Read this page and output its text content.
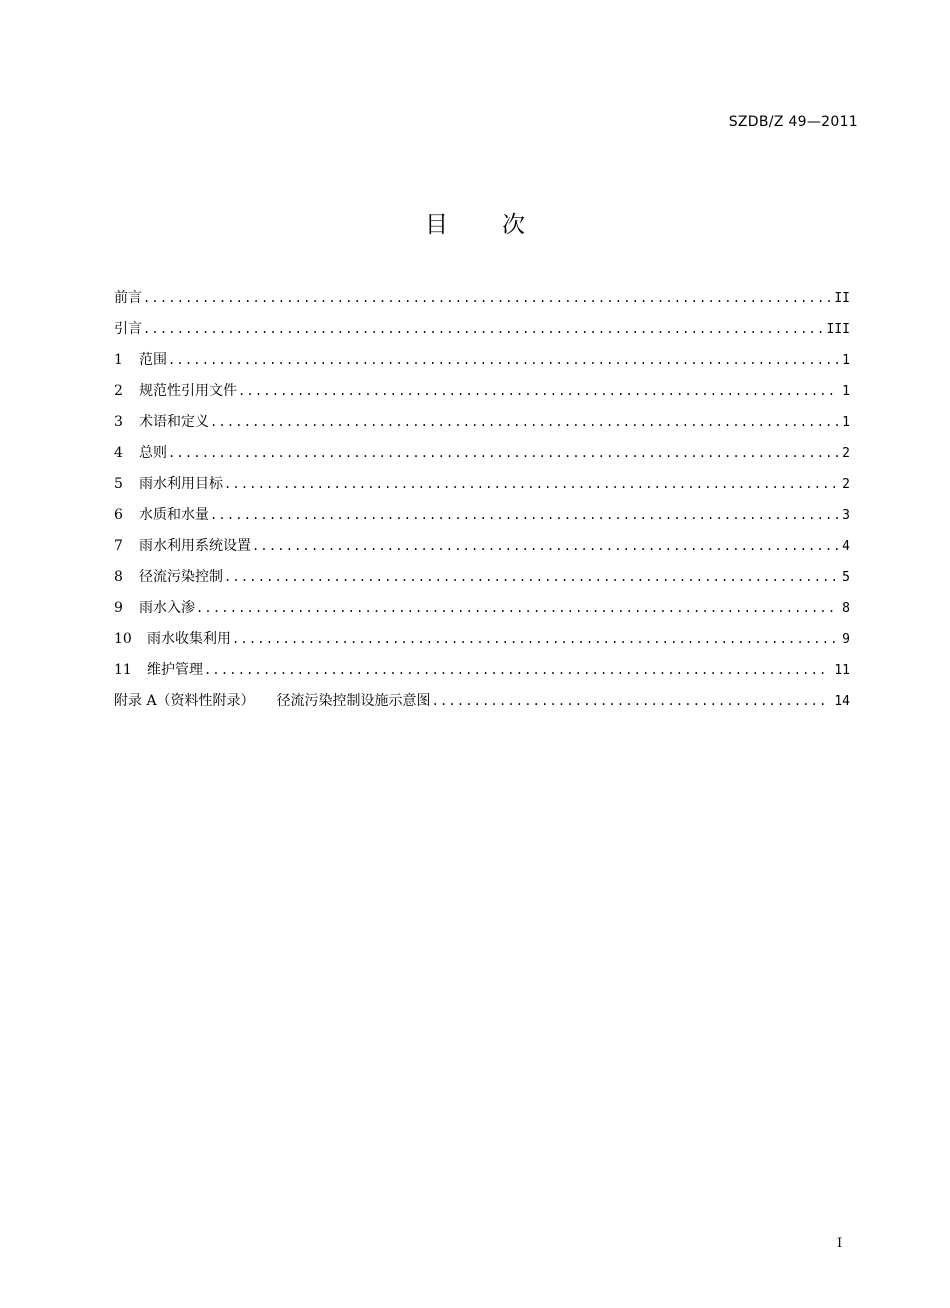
SZDB/Z 49—2011
目次
前言 .....	II
引言 .....	III
1	范围 .....	1
2	规范性引用文件 .....	1
3	术语和定义 .....	1
4	总则 .....	2
5	雨水利用目标 .....	2
6	水质和水量 .....	3
7	雨水利用系统设置 .....	4
8	径流污染控制 .....	5
9	雨水入渗 .....	8
10	雨水收集利用 .....	9
11	维护管理 .....	11
附录 A（资料性附录） 径流污染控制设施示意图 .....	14
I
